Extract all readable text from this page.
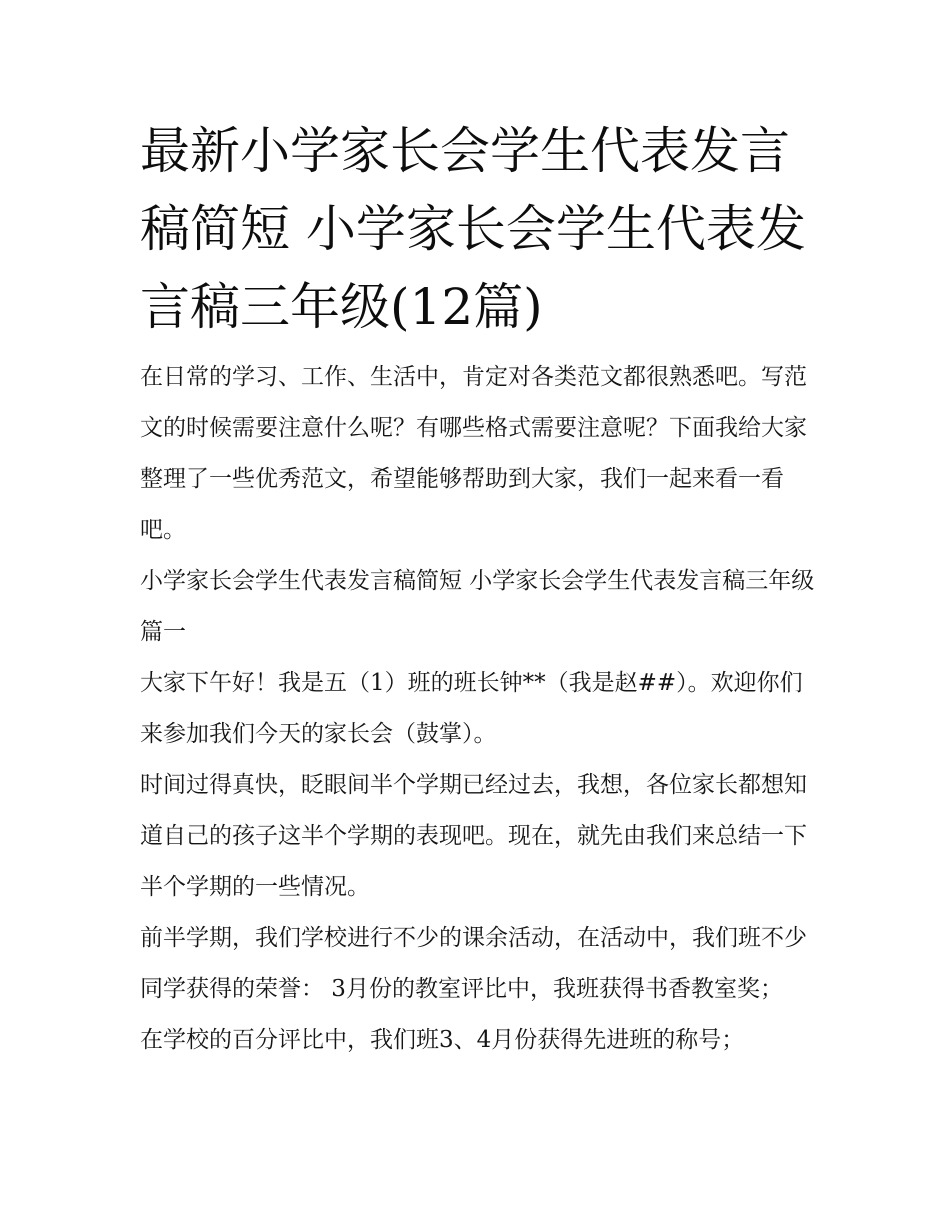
最新小学家长会学生代表发言稿简短 小学家长会学生代表发言稿三年级(12篇)

在日常的学习、工作、生活中，肯定对各类范文都很熟悉吧。写范文的时候需要注意什么呢？有哪些格式需要注意呢？下面我给大家整理了一些优秀范文，希望能够帮助到大家，我们一起来看一看吧。

小学家长会学生代表发言稿简短 小学家长会学生代表发言稿三年级篇一

大家下午好！我是五（1）班的班长钟**（我是赵##）。欢迎你们来参加我们今天的家长会（鼓掌）。

时间过得真快，眨眼间半个学期已经过去，我想，各位家长都想知道自己的孩子这半个学期的表现吧。现在，就先由我们来总结一下半个学期的一些情况。

前半学期，我们学校进行不少的课余活动，在活动中，我们班不少同学获得的荣誉： 3月份的教室评比中，我班获得书香教室奖；

在学校的百分评比中，我们班3、4月份获得先进班的称号；
